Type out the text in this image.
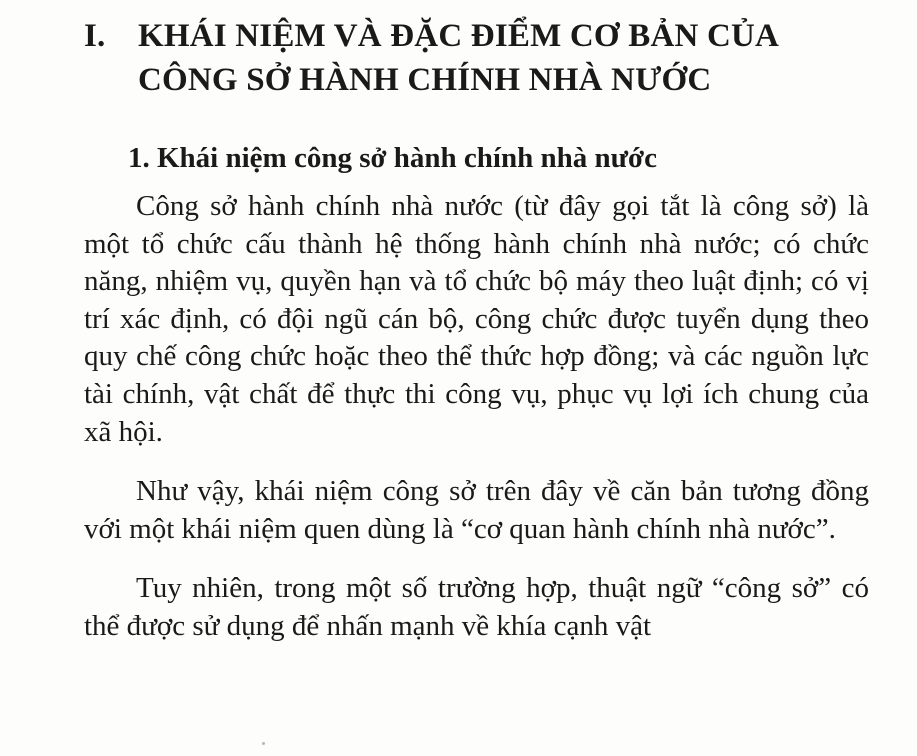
I. KHÁI NIỆM VÀ ĐẶC ĐIỂM CƠ BẢN CỦA CÔNG SỞ HÀNH CHÍNH NHÀ NƯỚC
1. Khái niệm công sở hành chính nhà nước

Công sở hành chính nhà nước (từ đây gọi tắt là công sở) là một tổ chức cấu thành hệ thống hành chính nhà nước; có chức năng, nhiệm vụ, quyền hạn và tổ chức bộ máy theo luật định; có vị trí xác định, có đội ngũ cán bộ, công chức được tuyển dụng theo quy chế công chức hoặc theo thể thức hợp đồng; và các nguồn lực tài chính, vật chất để thực thi công vụ, phục vụ lợi ích chung của xã hội.

Như vậy, khái niệm công sở trên đây về căn bản tương đồng với một khái niệm quen dùng là “cơ quan hành chính nhà nước”.

Tuy nhiên, trong một số trường hợp, thuật ngữ “công sở” có thể được sử dụng để nhấn mạnh về khía cạnh vật
